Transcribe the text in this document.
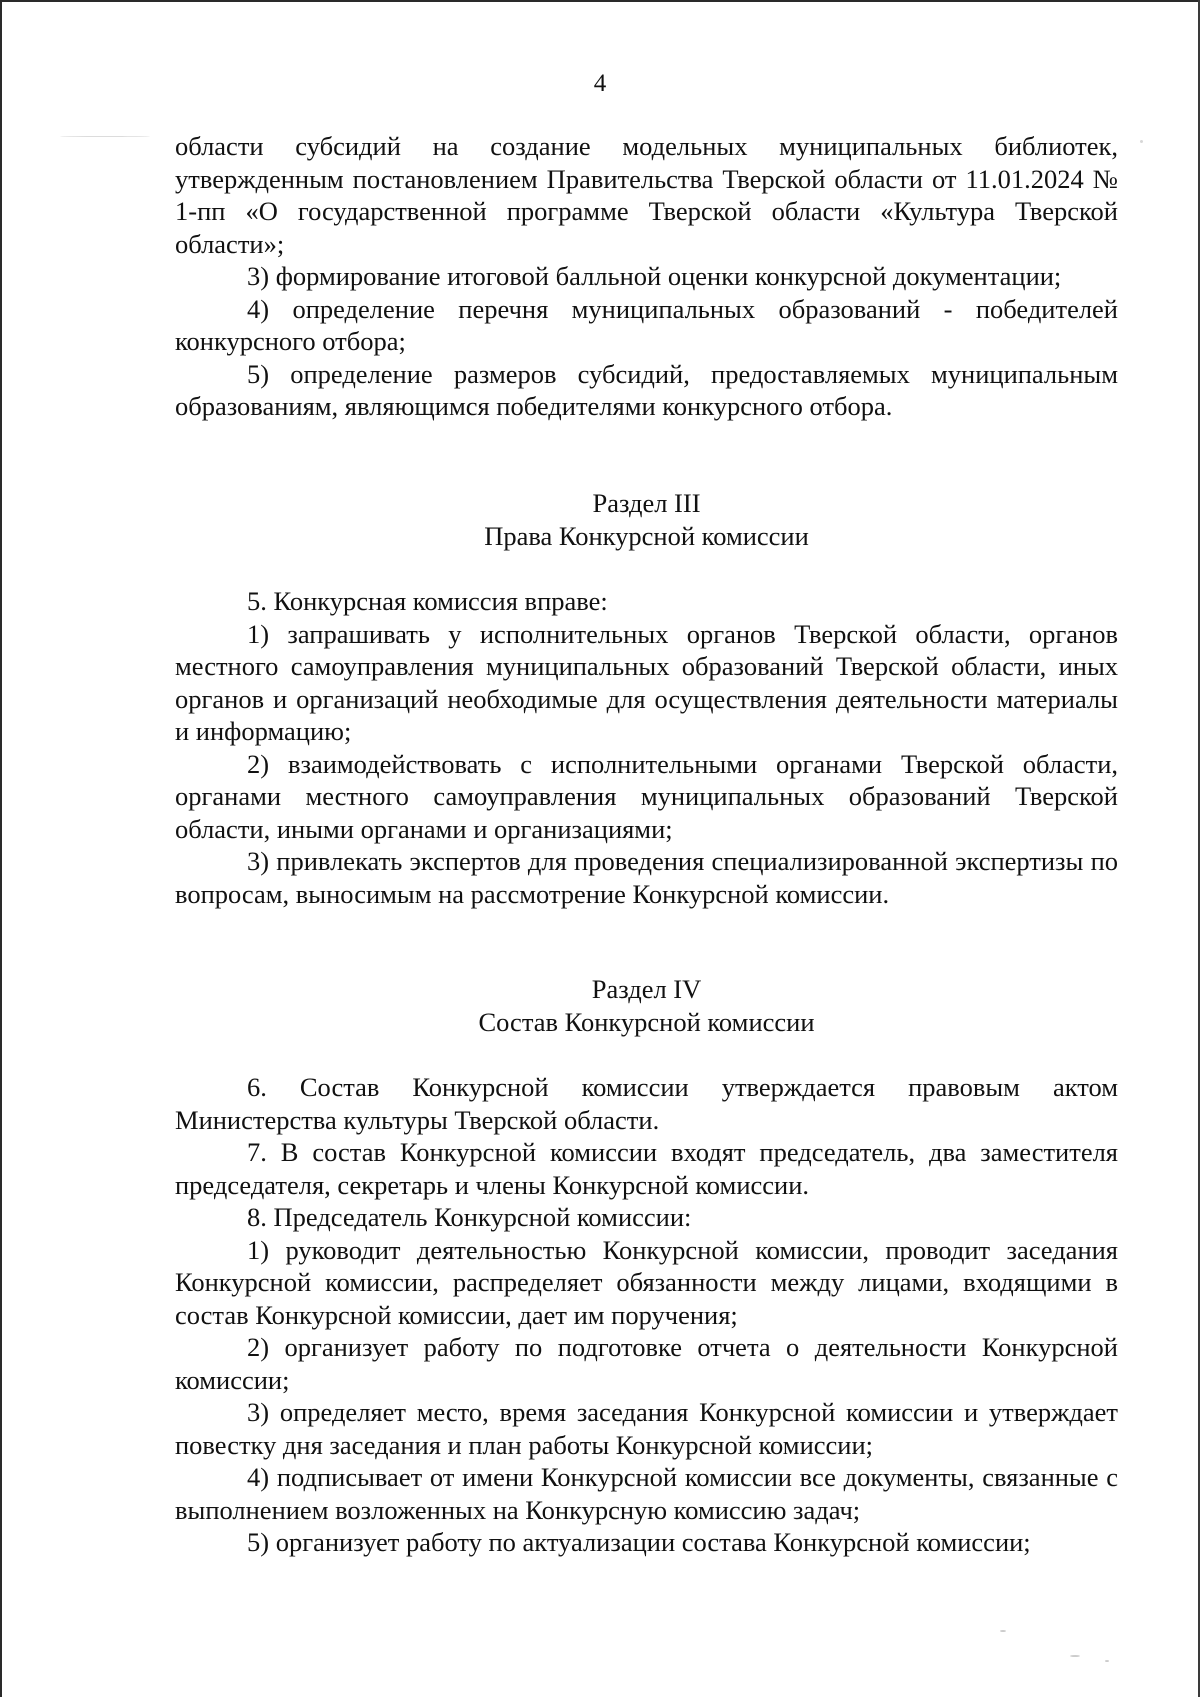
4

области субсидий на создание модельных муниципальных библиотек, утвержденным постановлением Правительства Тверской области от 11.01.2024 № 1-пп «О государственной программе Тверской области «Культура Тверской области»;

3) формирование итоговой балльной оценки конкурсной документации;

4) определение перечня муниципальных образований - победителей конкурсного отбора;

5) определение размеров субсидий, предоставляемых муниципальным образованиям, являющимся победителями конкурсного отбора.

Раздел III
Права Конкурсной комиссии

5. Конкурсная комиссия вправе:

1) запрашивать у исполнительных органов Тверской области, органов местного самоуправления муниципальных образований Тверской области, иных органов и организаций необходимые для осуществления деятельности материалы и информацию;

2) взаимодействовать с исполнительными органами Тверской области, органами местного самоуправления муниципальных образований Тверской области, иными органами и организациями;

3) привлекать экспертов для проведения специализированной экспертизы по вопросам, выносимым на рассмотрение Конкурсной комиссии.

Раздел IV
Состав Конкурсной комиссии

6. Состав Конкурсной комиссии утверждается правовым актом Министерства культуры Тверской области.

7. В состав Конкурсной комиссии входят председатель, два заместителя председателя, секретарь и члены Конкурсной комиссии.

8. Председатель Конкурсной комиссии:

1) руководит деятельностью Конкурсной комиссии, проводит заседания Конкурсной комиссии, распределяет обязанности между лицами, входящими в состав Конкурсной комиссии, дает им поручения;

2) организует работу по подготовке отчета о деятельности Конкурсной комиссии;

3) определяет место, время заседания Конкурсной комиссии и утверждает повестку дня заседания и план работы Конкурсной комиссии;

4) подписывает от имени Конкурсной комиссии все документы, связанные с выполнением возложенных на Конкурсную комиссию задач;

5) организует работу по актуализации состава Конкурсной комиссии;
